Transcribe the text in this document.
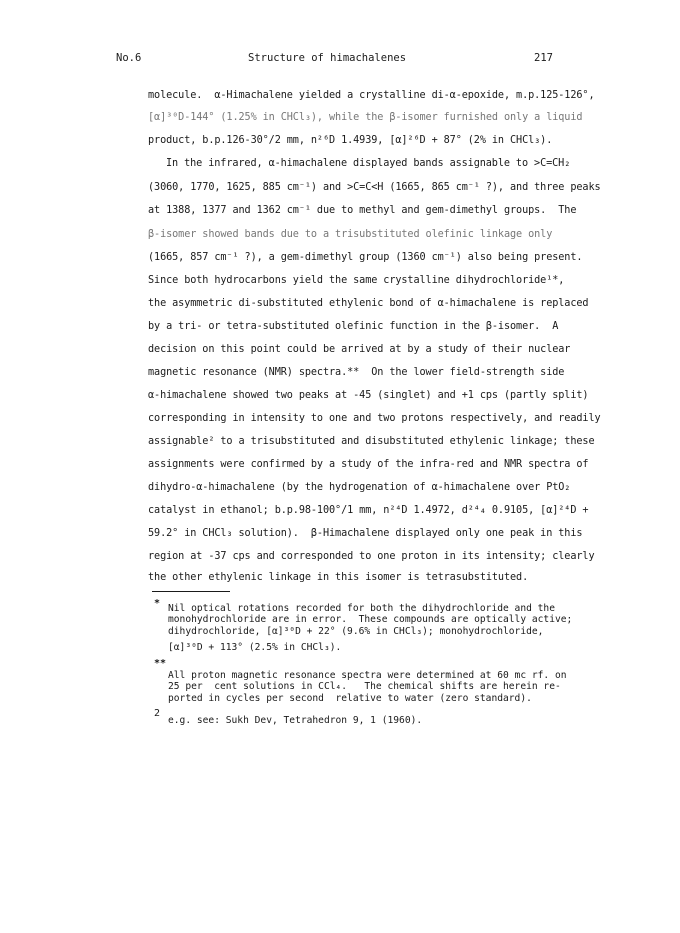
No.6	Structure of himachalenes	217
molecule.  α-Himachalene yielded a crystalline di-α-epoxide, m.p.125-126°,
[α]³⁰D-144° (1.25% in CHCl₃), while the β-isomer furnished only a liquid
product, b.p.126-30°/2 mm, n²⁶D 1.4939, [α]²⁶D + 87° (2% in CHCl₃).
In the infrared, α-himachalene displayed bands assignable to >C=CH₂
(3060, 1770, 1625, 885 cm⁻¹) and >C=C<H (1665, 865 cm⁻¹ ?), and three peaks
at 1388, 1377 and 1362 cm⁻¹ due to methyl and gem-dimethyl groups.  The
β-isomer showed bands due to a trisubstituted olefinic linkage only
(1665, 857 cm⁻¹ ?), a gem-dimethyl group (1360 cm⁻¹) also being present.
Since both hydrocarbons yield the same crystalline dihydrochloride¹*,
the asymmetric di-substituted ethylenic bond of α-himachalene is replaced
by a tri- or tetra-substituted olefinic function in the β-isomer.  A
decision on this point could be arrived at by a study of their nuclear
magnetic resonance (NMR) spectra.**  On the lower field-strength side
α-himachalene showed two peaks at -45 (singlet) and +1 cps (partly split)
corresponding in intensity to one and two protons respectively, and readily
assignable² to a trisubstituted and disubstituted ethylenic linkage; these
assignments were confirmed by a study of the infra-red and NMR spectra of
dihydro-α-himachalene (by the hydrogenation of α-himachalene over PtO₂
catalyst in ethanol; b.p.98-100°/1 mm, n²⁴D 1.4972, d²⁴₄ 0.9105, [α]²⁴D +
59.2° in CHCl₃ solution).  β-Himachalene displayed only one peak in this
region at -37 cps and corresponded to one proton in its intensity; clearly
the other ethylenic linkage in this isomer is tetrasubstituted.
* Nil optical rotations recorded for both the dihydrochloride and the
monohydrochloride are in error.  These compounds are optically active;
dihydrochloride, [α]³⁰D + 22° (9.6% in CHCl₃); monohydrochloride,
[α]³⁰D + 113° (2.5% in CHCl₃).
**
All proton magnetic resonance spectra were determined at 60 mc rf. on
25 per  cent solutions in CCl₄.   The chemical shifts are herein re-
ported in cycles per second  relative to water (zero standard).
2
e.g. see: Sukh Dev, Tetrahedron 9, 1 (1960).
